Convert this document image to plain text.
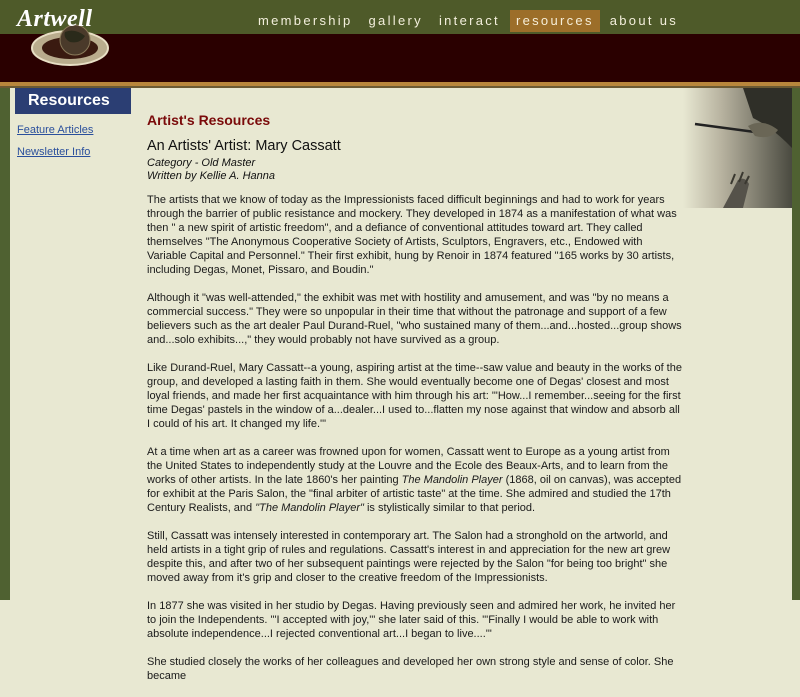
Artwell	membership	gallery	interact	resources	about us
Resources
Feature Articles
Newsletter Info
Artist's Resources
An Artists' Artist: Mary Cassatt
Category - Old Master
Written by Kellie A. Hanna

The artists that we know of today as the Impressionists faced difficult beginnings and had to work for years through the barrier of public resistance and mockery. They developed in 1874 as a manifestation of what was then " a new spirit of artistic freedom", and a defiance of conventional attitudes toward art. They called themselves "The Anonymous Cooperative Society of Artists, Sculptors, Engravers, etc., Endowed with Variable Capital and Personnel." Their first exhibit, hung by Renoir in 1874 featured "165 works by 30 artists, including Degas, Monet, Pissaro, and Boudin."

Although it "was well-attended," the exhibit was met with hostility and amusement, and was "by no means a commercial success." They were so unpopular in their time that without the patronage and support of a few believers such as the art dealer Paul Durand-Ruel, "who sustained many of them...and...hosted...group shows and...solo exhibits...," they would probably not have survived as a group.

Like Durand-Ruel, Mary Cassatt--a young, aspiring artist at the time--saw value and beauty in the works of the group, and developed a lasting faith in them. She would eventually become one of Degas' closest and most loyal friends, and made her first acquaintance with him through his art: "'How...I remember...seeing for the first time Degas' pastels in the window of a...dealer...I used to...flatten my nose against that window and absorb all I could of his art. It changed my life.'"

At a time when art as a career was frowned upon for women, Cassatt went to Europe as a young artist from the United States to independently study at the Louvre and the Ecole des Beaux-Arts, and to learn from the works of other artists. In the late 1860's her painting The Mandolin Player (1868, oil on canvas), was accepted for exhibit at the Paris Salon, the "final arbiter of artistic taste" at the time. She admired and studied the 17th Century Realists, and "The Mandolin Player" is stylistically similar to that period.

Still, Cassatt was intensely interested in contemporary art. The Salon had a stronghold on the artworld, and held artists in a tight grip of rules and regulations. Cassatt's interest in and appreciation for the new art grew despite this, and after two of her subsequent paintings were rejected by the Salon "for being too bright" she moved away from it's grip and closer to the creative freedom of the Impressionists.

In 1877 she was visited in her studio by Degas. Having previously seen and admired her work, he invited her to join the Independents. "'I accepted with joy,'" she later said of this. "'Finally I would be able to work with absolute independence...I rejected conventional art...I began to live....'"

She studied closely the works of her colleagues and developed her own strong style and sense of color. She became
